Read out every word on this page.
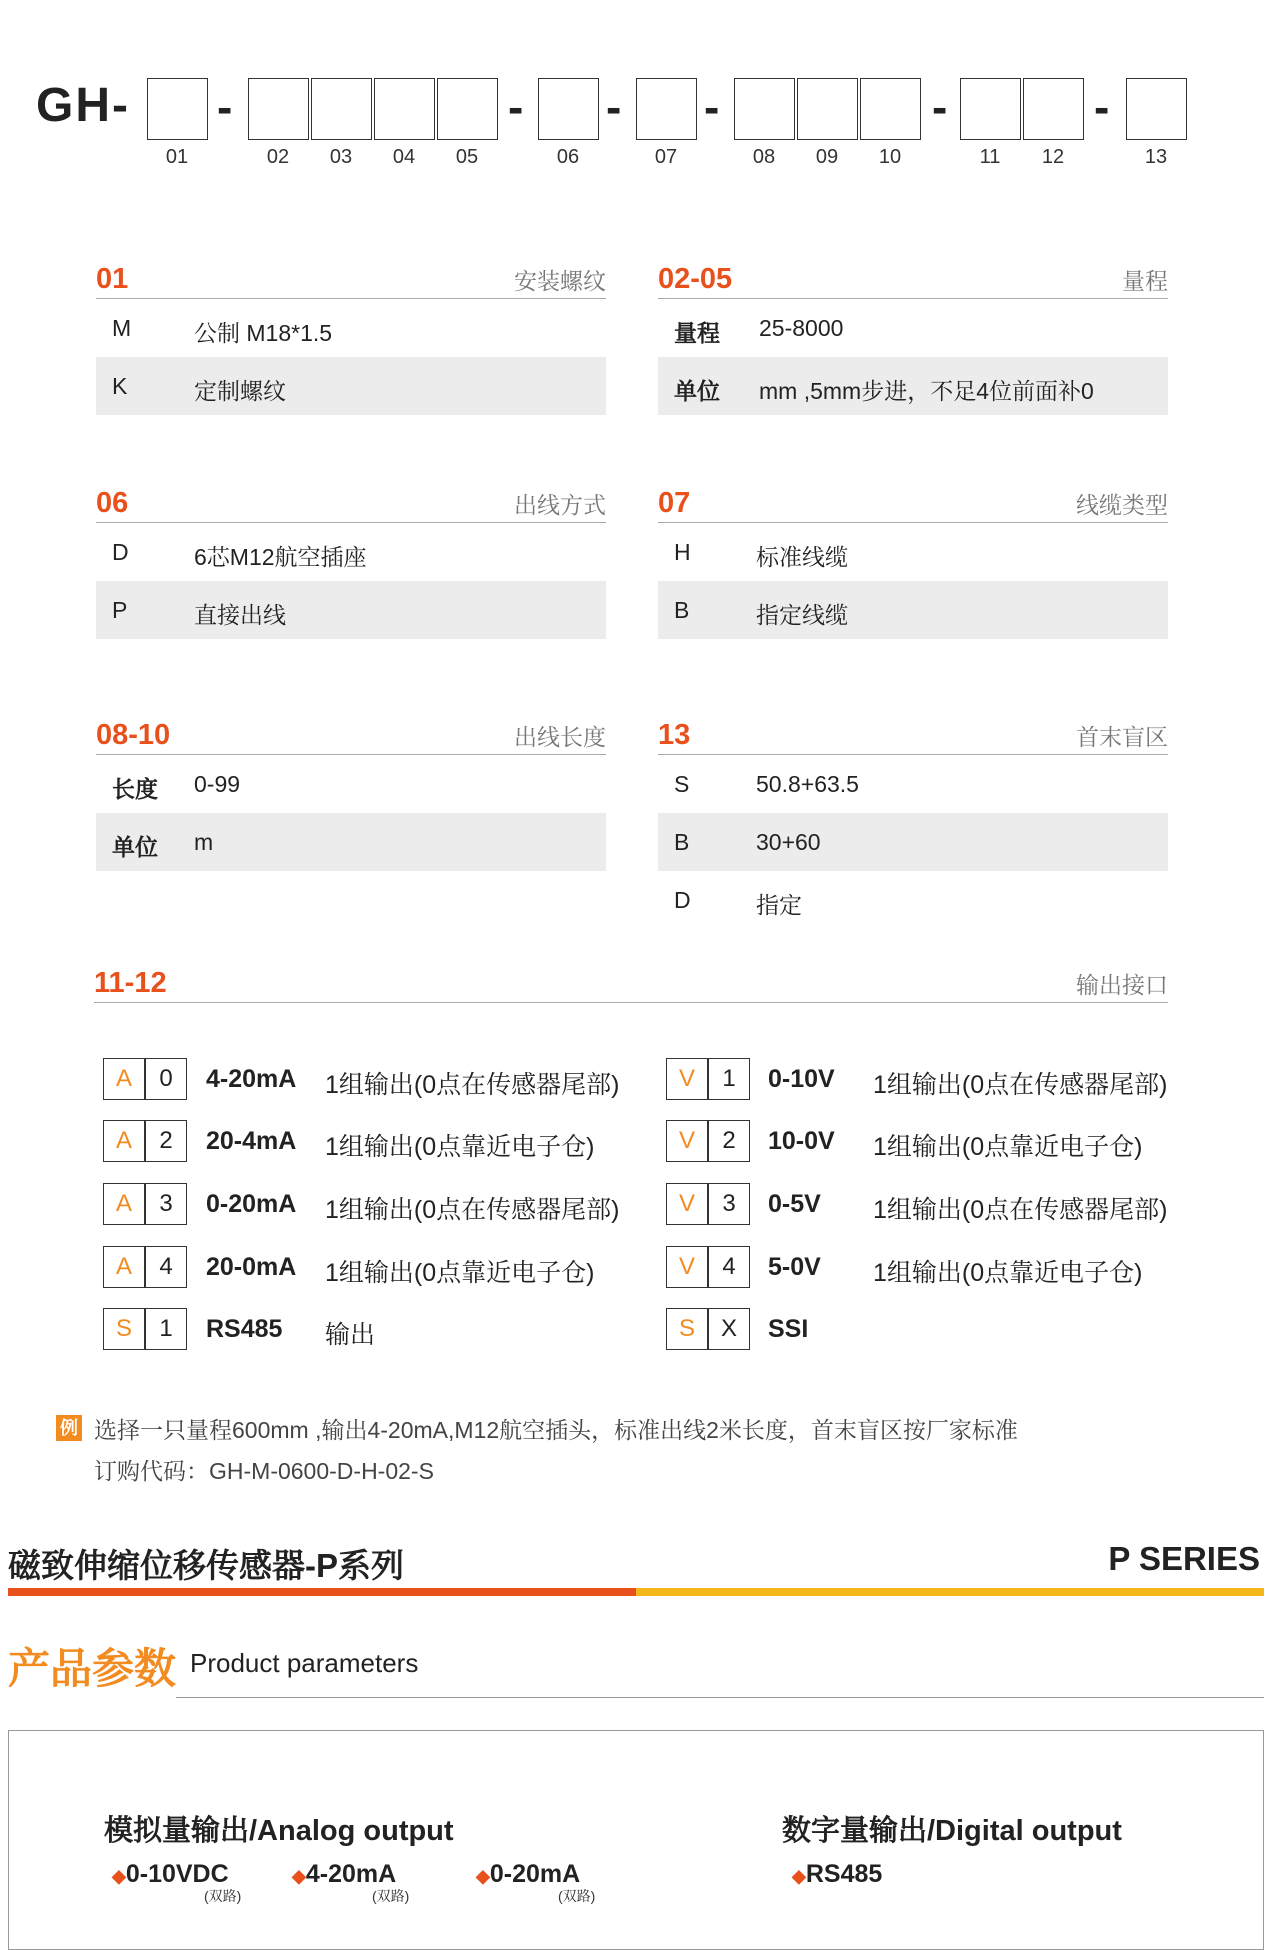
GH-
01	02	03	04	05	06	07	08	09	10	11	12	13
-	- - -	-	-
01	安装螺纹
M	公制 M18*1.5
K	定制螺纹
02-05	量程
量程 25-8000
单位 mm ,5mm步进，不足4位前面补0
06	出线方式
D	6芯M12航空插座
P	直接出线
07	线缆类型
H	标准线缆
B	指定线缆
08-10	出线长度
长度 0-99
单位 m
13	首末盲区
S	50.8+63.5
B	30+60
D	指定
11-12	输出接口
A	0	4-20mA 1组输出(0点在传感器尾部)
A	2	20-4mA 1组输出(0点靠近电子仓)
A	3	0-20mA 1组输出(0点在传感器尾部)
A	4	20-0mA 1组输出(0点靠近电子仓)
S	1	RS485 输出
V	1	0-10V 1组输出(0点在传感器尾部)
V	2	10-0V 1组输出(0点靠近电子仓)
V	3	0-5V 1组输出(0点在传感器尾部)
V	4	5-0V 1组输出(0点靠近电子仓)
S	X	SSI
例 选择一只量程600mm ,输出4-20mA,M12航空插头，标准出线2米长度，首末盲区按厂家标准
订购代码：GH-M-0600-D-H-02-S
磁致伸缩位移传感器-P系列	P SERIES
产品参数 Product parameters
模拟量输出/Analog output	数字量输出/Digital output
◆0-10VDC
(双路)
◆4-20mA
(双路)
◆0-20mA
(双路)
◆RS485
